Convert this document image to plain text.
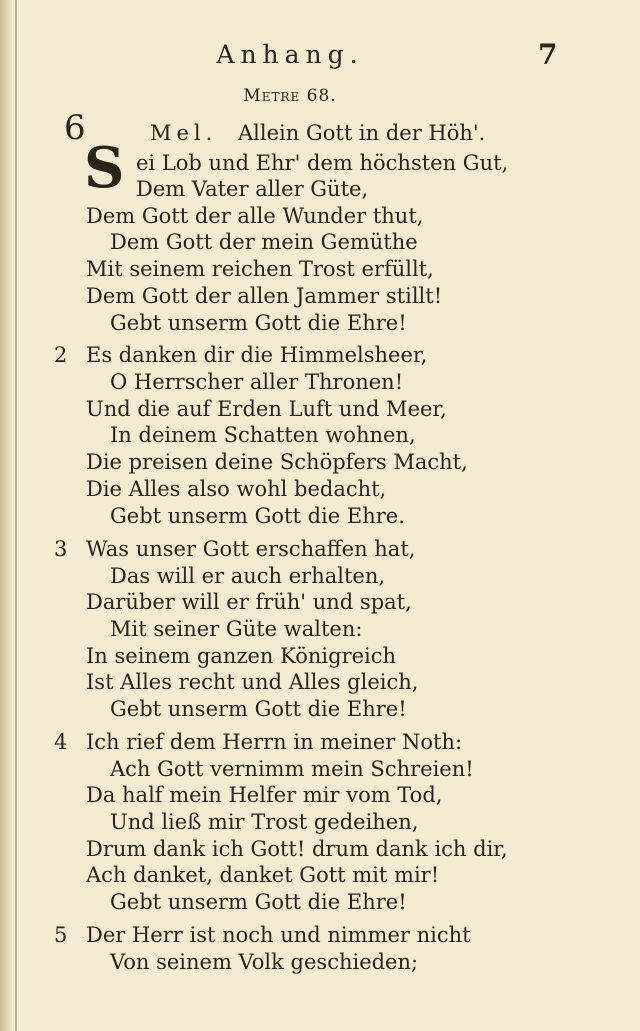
Anhang.	7
Metre 68.
6	Mel. Allein Gott in der Höh'.
S ei Lob und Ehr' dem höchsten Gut,
Dem Vater aller Güte,
Dem Gott der alle Wunder thut,
Dem Gott der mein Gemüthe
Mit seinem reichen Trost erfüllt,
Dem Gott der allen Jammer stillt!
Gebt unserm Gott die Ehre!
2 Es danken dir die Himmelsheer,
O Herrscher aller Thronen!
Und die auf Erden Luft und Meer,
In deinem Schatten wohnen,
Die preisen deine Schöpfers Macht,
Die Alles also wohl bedacht,
Gebt unserm Gott die Ehre.
3 Was unser Gott erschaffen hat,
Das will er auch erhalten,
Darüber will er früh' und spat,
Mit seiner Güte walten:
In seinem ganzen Königreich
Ist Alles recht und Alles gleich,
Gebt unserm Gott die Ehre!
4 Ich rief dem Herrn in meiner Noth:
Ach Gott vernimm mein Schreien!
Da half mein Helfer mir vom Tod,
Und ließ mir Trost gedeihen,
Drum dank ich Gott! drum dank ich dir,
Ach danket, danket Gott mit mir!
Gebt unserm Gott die Ehre!
5 Der Herr ist noch und nimmer nicht
Von seinem Volk geschieden;
